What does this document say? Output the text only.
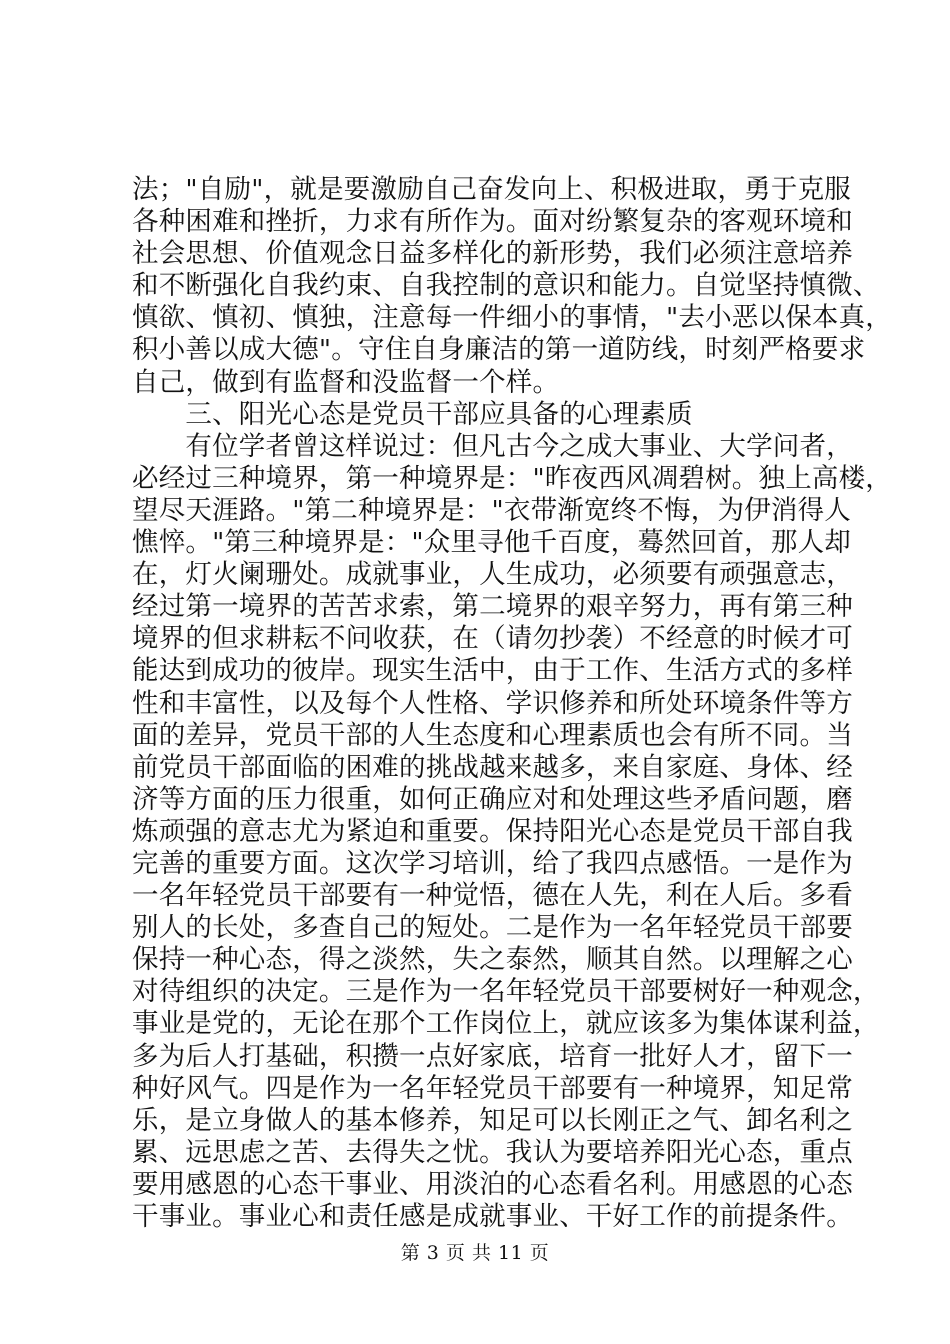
法；"自励"，就是要激励自己奋发向上、积极进取，勇于克服
各种困难和挫折，力求有所作为。面对纷繁复杂的客观环境和
社会思想、价值观念日益多样化的新形势，我们必须注意培养
和不断强化自我约束、自我控制的意识和能力。自觉坚持慎微、
慎欲、慎初、慎独，注意每一件细小的事情，"去小恶以保本真，
积小善以成大德"。守住自身廉洁的第一道防线，时刻严格要求
自己，做到有监督和没监督一个样。
　　三、阳光心态是党员干部应具备的心理素质
　　有位学者曾这样说过：但凡古今之成大事业、大学问者，
必经过三种境界，第一种境界是："昨夜西风凋碧树。独上高楼，
望尽天涯路。"第二种境界是："衣带渐宽终不悔，为伊消得人
憔悴。"第三种境界是："众里寻他千百度，蓦然回首，那人却
在，灯火阑珊处。成就事业，人生成功，必须要有顽强意志，
经过第一境界的苦苦求索，第二境界的艰辛努力，再有第三种
境界的但求耕耘不问收获，在（请勿抄袭）不经意的时候才可
能达到成功的彼岸。现实生活中，由于工作、生活方式的多样
性和丰富性，以及每个人性格、学识修养和所处环境条件等方
面的差异，党员干部的人生态度和心理素质也会有所不同。当
前党员干部面临的困难的挑战越来越多，来自家庭、身体、经
济等方面的压力很重，如何正确应对和处理这些矛盾问题，磨
炼顽强的意志尤为紧迫和重要。保持阳光心态是党员干部自我
完善的重要方面。这次学习培训，给了我四点感悟。一是作为
一名年轻党员干部要有一种觉悟，德在人先，利在人后。多看
别人的长处，多查自己的短处。二是作为一名年轻党员干部要
保持一种心态，得之淡然，失之泰然，顺其自然。以理解之心
对待组织的决定。三是作为一名年轻党员干部要树好一种观念，
事业是党的，无论在那个工作岗位上，就应该多为集体谋利益，
多为后人打基础，积攒一点好家底，培育一批好人才，留下一
种好风气。四是作为一名年轻党员干部要有一种境界，知足常
乐，是立身做人的基本修养，知足可以长刚正之气、卸名利之
累、远思虑之苦、去得失之忧。我认为要培养阳光心态，重点
要用感恩的心态干事业、用淡泊的心态看名利。用感恩的心态
干事业。事业心和责任感是成就事业、干好工作的前提条件。
第 3 页 共 11 页
